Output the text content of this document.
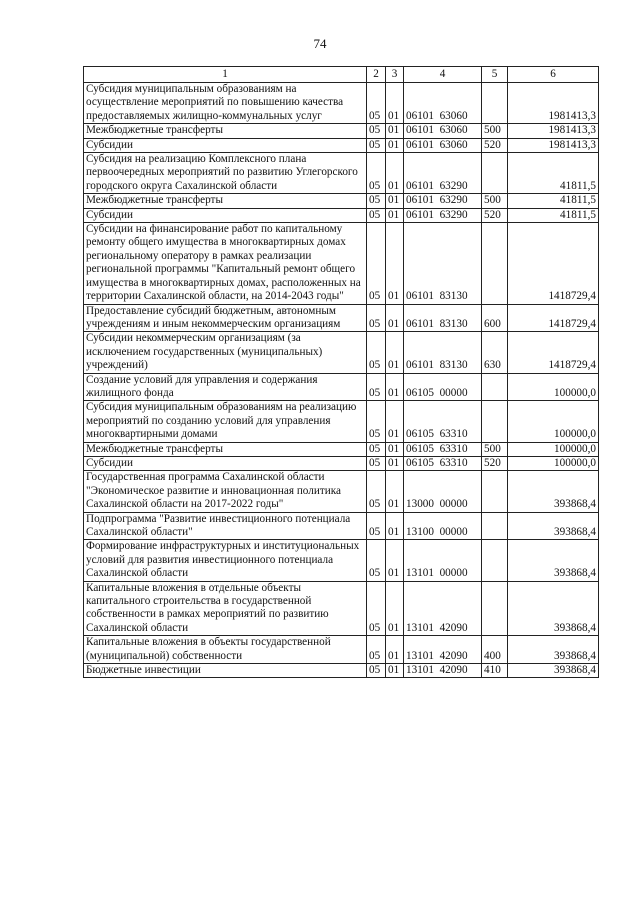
74
1	2	3	4	5	6
Субсидия муниципальным образованиям на осуществление мероприятий по повышению качества предоставляемых жилищно-коммунальных услуг	05	01	06101  63060		1981413,3
Межбюджетные трансферты	05	01	06101  63060	500	1981413,3
Субсидии	05	01	06101  63060	520	1981413,3
Субсидия на реализацию Комплексного плана первоочередных мероприятий по развитию Углегорского городского округа Сахалинской области	05	01	06101  63290		41811,5
Межбюджетные трансферты	05	01	06101  63290	500	41811,5
Субсидии	05	01	06101  63290	520	41811,5
Субсидии на финансирование работ по капитальному ремонту общего имущества в многоквартирных домах региональному оператору в рамках реализации региональной программы "Капитальный ремонт общего имущества в многоквартирных домах, расположенных на территории Сахалинской области, на 2014-2043 годы"	05	01	06101  83130		1418729,4
Предоставление субсидий бюджетным, автономным учреждениям и иным некоммерческим организациям	05	01	06101  83130	600	1418729,4
Субсидии некоммерческим организациям (за исключением государственных (муниципальных) учреждений)	05	01	06101  83130	630	1418729,4
Создание условий для управления и содержания жилищного фонда	05	01	06105  00000		100000,0
Субсидия муниципальным образованиям на реализацию мероприятий по созданию условий для управления многоквартирными домами	05	01	06105  63310		100000,0
Межбюджетные трансферты	05	01	06105  63310	500	100000,0
Субсидии	05	01	06105  63310	520	100000,0
Государственная программа Сахалинской области "Экономическое развитие и инновационная политика Сахалинской области на 2017-2022 годы"	05	01	13000  00000		393868,4
Подпрограмма "Развитие инвестиционного потенциала Сахалинской области"	05	01	13100  00000		393868,4
Формирование инфраструктурных и институциональных условий для развития инвестиционного потенциала Сахалинской области	05	01	13101  00000		393868,4
Капитальные вложения в отдельные объекты капитального строительства в государственной собственности в рамках мероприятий по развитию Сахалинской области	05	01	13101  42090		393868,4
Капитальные вложения в объекты государственной (муниципальной) собственности	05	01	13101  42090	400	393868,4
Бюджетные инвестиции	05	01	13101  42090	410	393868,4
